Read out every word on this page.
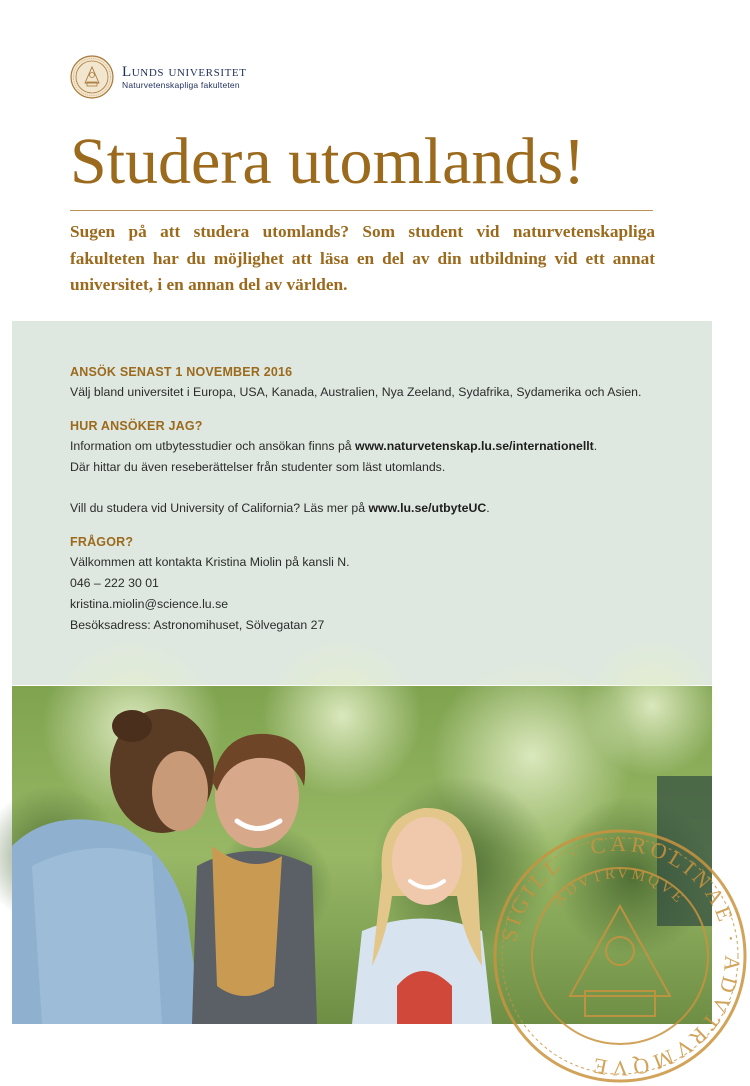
Lunds universitet
Naturvetenskapliga fakulteten
Studera utomlands!

Sugen på att studera utomlands? Som student vid naturvetenskapliga fakulteten har du möjlighet att läsa en del av din utbildning vid ett annat universitet, i en annan del av världen.

ANSÖK SENAST 1 NOVEMBER 2016

Välj bland universitet i Europa, USA, Kanada, Australien, Nya Zeeland, Sydafrika, Sydamerika och Asien.

HUR ANSÖKER JAG?

Information om utbytesstudier och ansökan finns på www.naturvetenskap.lu.se/internationellt.

Där hittar du även reseberättelser från studenter som läst utomlands.

Vill du studera vid University of California? Läs mer på www.lu.se/utbyteUC.

FRÅGOR?

Välkommen att kontakta Kristina Miolin på kansli N.

046 – 222 30 01

kristina.miolin@science.lu.se

Besöksadress: Astronomihuset, Sölvegatan 27

SIGILL · CAROLINAE · ADVTRVMQVE
ADVTRVMQVE
